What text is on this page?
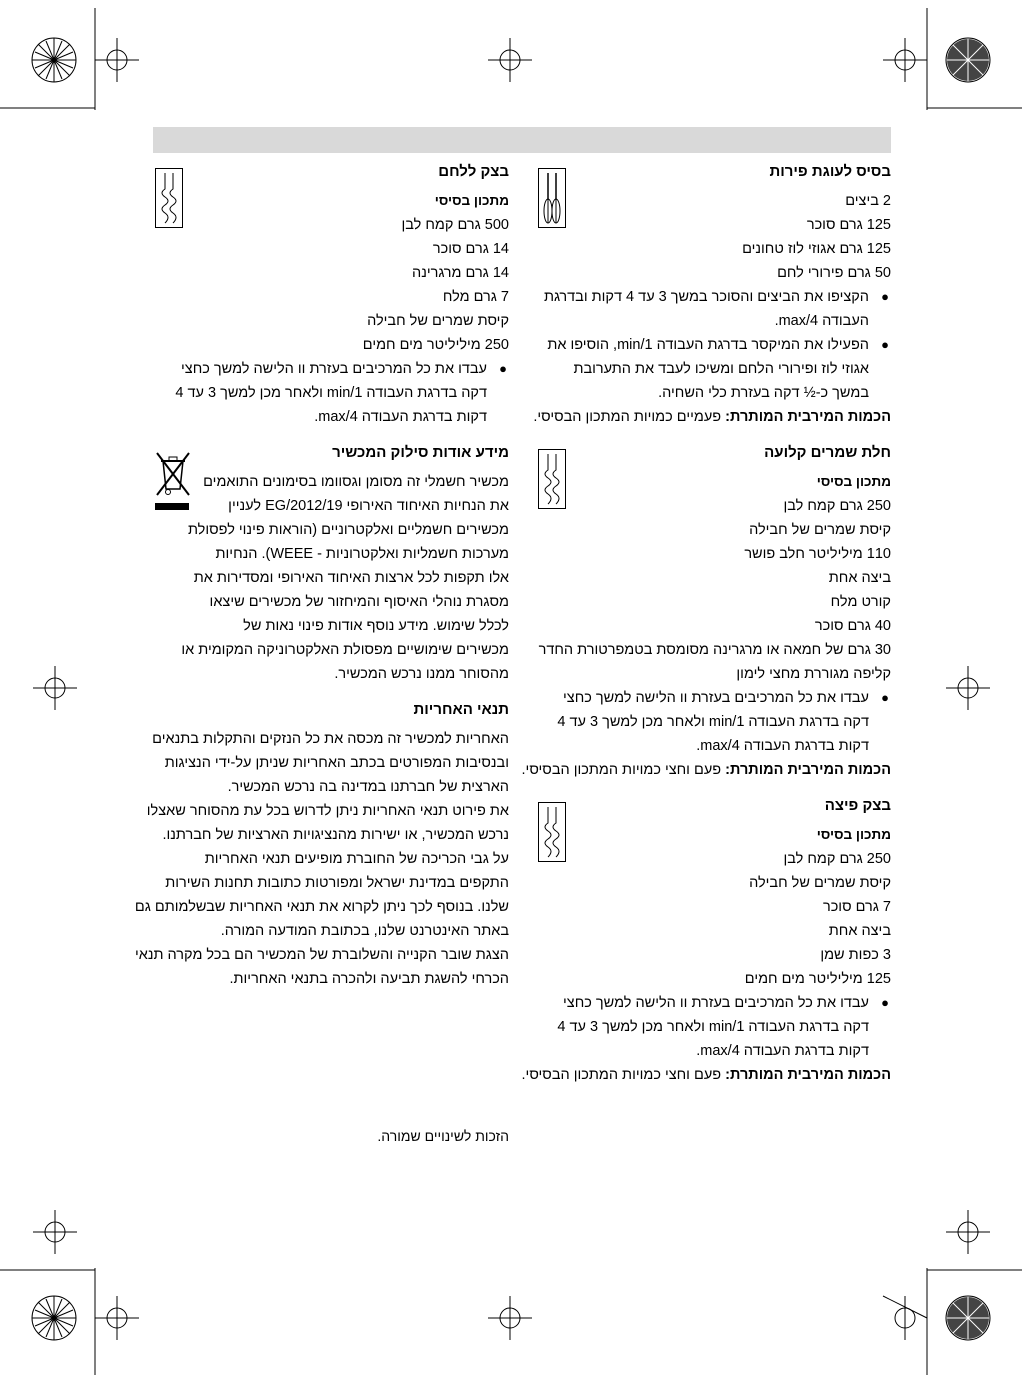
בסיס לעוגת פירות
2 ביצים
125 גרם סוכר
125 גרם אגוזי לוז טחונים
50 גרם פירורי לחם
●
הקציפו את הביצים והסוכר במשך 3 עד 4 דקות ובדרגת
העבודה max/4.
●
הפעילו את המיקסר בדרגת העבודה min/1, הוסיפו את
אגוזי לוז ופירורי הלחם ומשיכו לעבד את התערובת
במשך כ-½ דקה בעזרת כלי השחיה.
הכמות המירבית המותרת: פעמיים כמויות המתכון הבסיסי.
חלת שמרים קלועה
מתכון בסיסי
250 גרם קמח לבן
קיסת שמרים של חבילה
110 מיליליטר חלב פושר
ביצה אחת
קורט מלח
40 גרם סוכר
30 גרם של חמאה או מרגרינה מסומסת בטמפרטורת החדר
קליפה מגוררת מחצי לימון
●
עבדו את כל המרכיבים בעזרת וו הלישה למשך כחצי
דקה בדרגת העבודה min/1 ולאחר מכן למשך 3 עד 4
דקות בדרגת העבודה max/4.
הכמות המירבית המותרת: פעם וחצי כמויות המתכון הבסיסי.
בצק פיצה
מתכון בסיסי
250 גרם קמח לבן
קיסת שמרים של חבילה
7 גרם סוכר
ביצה אחת
3 כפות שמן
125 מיליליטר מים חמים
●
עבדו את כל המרכיבים בעזרת וו הלישה למשך כחצי
דקה בדרגת העבודה min/1 ולאחר מכן למשך 3 עד 4
דקות בדרגת העבודה max/4.
הכמות המירבית המותרת: פעם וחצי כמויות המתכון הבסיסי.
בצק ללחם
מתכון בסיסי
500 גרם קמח לבן
14 גרם סוכר
14 גרם מרגרינה
7 גרם מלח
קיסת שמרים של חבילה
250 מיליליטר מים חמים
●
עבדו את כל המרכיבים בעזרת וו הלישה למשך כחצי
דקה בדרגת העבודה min/1 ולאחר מכן למשך 3 עד 4
דקות בדרגת העבודה max/4.
מידע אודות סילוק המכשיר
מכשיר חשמלי זה מסומן וגסוומו בסימונים התואמים
את הנחיות האיחוד האירופי 2012/19/EG לעניין
מכשירים חשמליים ואלקטרוניים (הוראות פינוי לפסולת
מערכות חשמליות ואלקטרוניות - WEEE). הנחיות
אלו תקפות לכל ארצות האיחוד האירופי ומסדירות את
מסגרת נוהלי האיסוף והמיחזור של מכשירים שיצאו
לכלל שימוש. מידע נוסף אודות פינוי נאות של
מכשירים שימושיים מפסולת האלקטרוניקה המקומית או
מהסוחר ממנו נרכש המכשיר.
תנאי האחריות
האחריות למכשיר זה מכסה את כל הנזקים והתקלות בתנאים
ובנסיבות המפורטים בכתב האחריות שניתן על-ידי הנציגות
הארצית של חברתנו במדינה בה נרכש המכשיר.
את פירוט תנאי האחריות ניתן לדרוש בכל עת מהסוחר שאצלו
נרכש המכשיר, או ישירות מהנציגויות הארציות של חברתנו.
על גבי הכריכה של החוברת מופיעים תנאי האחריות
התקפים במדינת ישראל ומפורטות כתובות תחנות השירות
שלנו. בנוסף לכך ניתן לקרוא את תנאי האחריות שבשלמותם גם
באתר האינטרנט שלנו, בכתובת המודעה המורה.
הצגת שובר הקנייה והשלוברת של המכשיר הם בכל מקרה תנאי
הכרחי להשגת תביעה ולהכרה בתנאי האחריות.
הזכות לשינויים שמורה.
